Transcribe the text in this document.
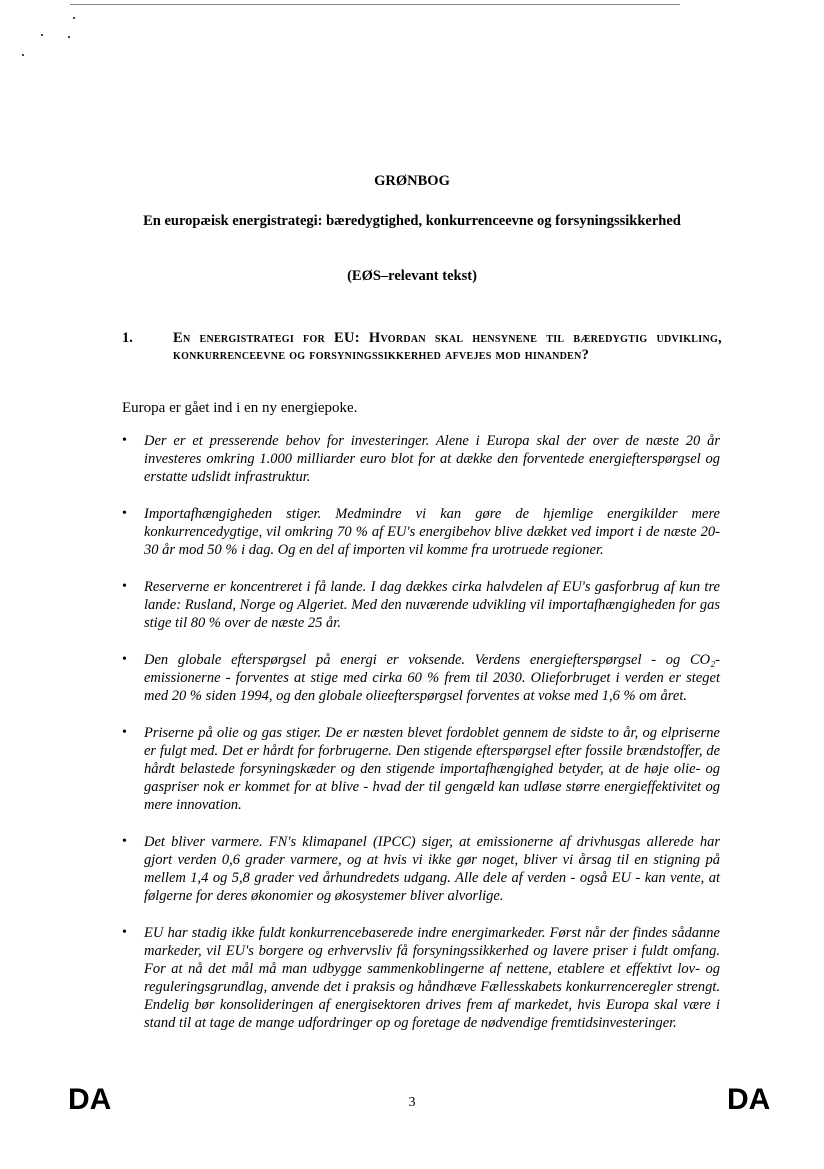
GRØNBOG
En europæisk energistrategi: bæredygtighed, konkurrenceevne og forsyningssikkerhed
(EØS–relevant tekst)
1.	En energistrategi for EU: Hvordan skal hensynene til bæredygtig udvikling, konkurrenceevne og forsyningssikkerhed afvejes mod hinanden?
Europa er gået ind i en ny energiepoke.
• Der er et presserende behov for investeringer. Alene i Europa skal der over de næste 20 år investeres omkring 1.000 milliarder euro blot for at dække den forventede energiefterspørgsel og erstatte udslidt infrastruktur.
• Importafhængigheden stiger. Medmindre vi kan gøre de hjemlige energikilder mere konkurrencedygtige, vil omkring 70 % af EU's energibehov blive dækket ved import i de næste 20-30 år mod 50 % i dag. Og en del af importen vil komme fra urotruede regioner.
• Reserverne er koncentreret i få lande. I dag dækkes cirka halvdelen af EU's gasforbrug af kun tre lande: Rusland, Norge og Algeriet. Med den nuværende udvikling vil importafhængigheden for gas stige til 80 % over de næste 25 år.
• Den globale efterspørgsel på energi er voksende. Verdens energiefterspørgsel - og CO₂-emissionerne - forventes at stige med cirka 60 % frem til 2030. Olieforbruget i verden er steget med 20 % siden 1994, og den globale olieefterspørgsel forventes at vokse med 1,6 % om året.
• Priserne på olie og gas stiger. De er næsten blevet fordoblet gennem de sidste to år, og elpriserne er fulgt med. Det er hårdt for forbrugerne. Den stigende efterspørgsel efter fossile brændstoffer, de hårdt belastede forsyningskæder og den stigende importafhængighed betyder, at de høje olie- og gaspriser nok er kommet for at blive - hvad der til gengæld kan udløse større energieffektivitet og mere innovation.
• Det bliver varmere. FN's klimapanel (IPCC) siger, at emissionerne af drivhusgas allerede har gjort verden 0,6 grader varmere, og at hvis vi ikke gør noget, bliver vi årsag til en stigning på mellem 1,4 og 5,8 grader ved århundredets udgang. Alle dele af verden - også EU - kan vente, at følgerne for deres økonomier og økosystemer bliver alvorlige.
• EU har stadig ikke fuldt konkurrencebaserede indre energimarkeder. Først når der findes sådanne markeder, vil EU's borgere og erhvervsliv få forsyningssikkerhed og lavere priser i fuldt omfang. For at nå det mål må man udbygge sammenkoblingerne af nettene, etablere et effektivt lov- og reguleringsgrundlag, anvende det i praksis og håndhæve Fællesskabets konkurrenceregler strengt. Endelig bør konsolideringen af energisektoren drives frem af markedet, hvis Europa skal være i stand til at tage de mange udfordringer op og foretage de nødvendige fremtidsinvesteringer.
DA	3	DA
